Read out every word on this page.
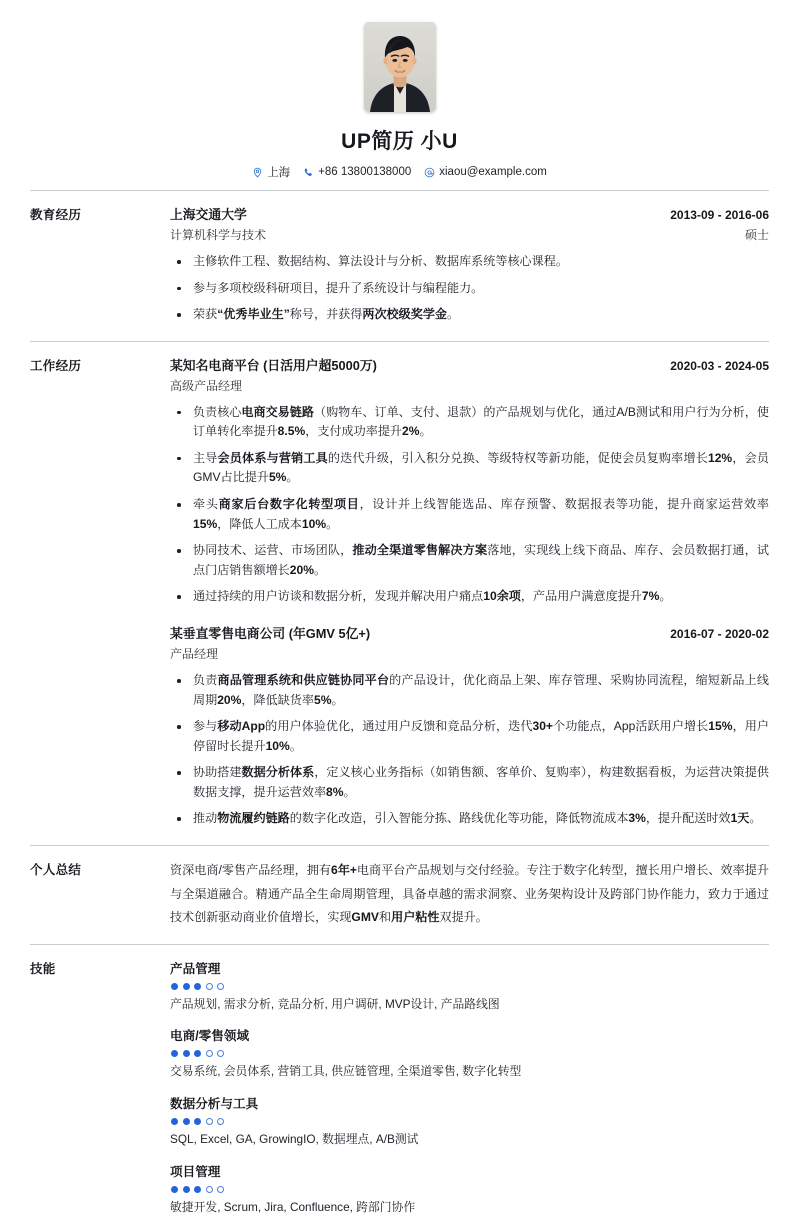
UP简历 小U
上海 +86 13800138000 xiaou@example.com
教育经历	上海交通大学	2013-09 - 2016-06
计算机科学与技术	硕士
主修软件工程、数据结构、算法设计与分析、数据库系统等核心课程。
参与多项校级科研项目，提升了系统设计与编程能力。
荣获“优秀毕业生”称号，并获得两次校级奖学金。
工作经历	某知名电商平台 (日活用户超5000万)	2020-03 - 2024-05
高级产品经理
负责核心电商交易链路（购物车、订单、支付、退款）的产品规划与优化，通过A/B测试和用户行为分析，使订单转化率提升8.5%，支付成功率提升2%。
主导会员体系与营销工具的迭代升级，引入积分兑换、等级特权等新功能，促使会员复购率增长12%，会员GMV占比提升5%。
牵头商家后台数字化转型项目，设计并上线智能选品、库存预警、数据报表等功能，提升商家运营效率15%，降低人工成本10%。
协同技术、运营、市场团队，推动全渠道零售解决方案落地，实现线上线下商品、库存、会员数据打通，试点门店销售额增长20%。
通过持续的用户访谈和数据分析，发现并解决用户痛点10余项，产品用户满意度提升7%。
某垂直零售电商公司 (年GMV 5亿+)	2016-07 - 2020-02
产品经理
负责商品管理系统和供应链协同平台的产品设计，优化商品上架、库存管理、采购协同流程，缩短新品上线周期20%，降低缺货率5%。
参与移动App的用户体验优化，通过用户反馈和竞品分析，迭代30+个功能点，App活跃用户增长15%，用户停留时长提升10%。
协助搭建数据分析体系，定义核心业务指标（如销售额、客单价、复购率），构建数据看板，为运营决策提供数据支撑，提升运营效率8%。
推动物流履约链路的数字化改造，引入智能分拣、路线优化等功能，降低物流成本3%，提升配送时效1天。
个人总结	资深电商/零售产品经理，拥有6年+电商平台产品规划与交付经验。专注于数字化转型，擅长用户增长、效率提升与全渠道融合。精通产品全生命周期管理，具备卓越的需求洞察、业务架构设计及跨部门协作能力，致力于通过技术创新驱动商业价值增长，实现GMV和用户粘性双提升。
技能	产品管理
产品规划, 需求分析, 竞品分析, 用户调研, MVP设计, 产品路线图
电商/零售领域
交易系统, 会员体系, 营销工具, 供应链管理, 全渠道零售, 数字化转型
数据分析与工具
SQL, Excel, GA, GrowingIO, 数据埋点, A/B测试
项目管理
敏捷开发, Scrum, Jira, Confluence, 跨部门协作
